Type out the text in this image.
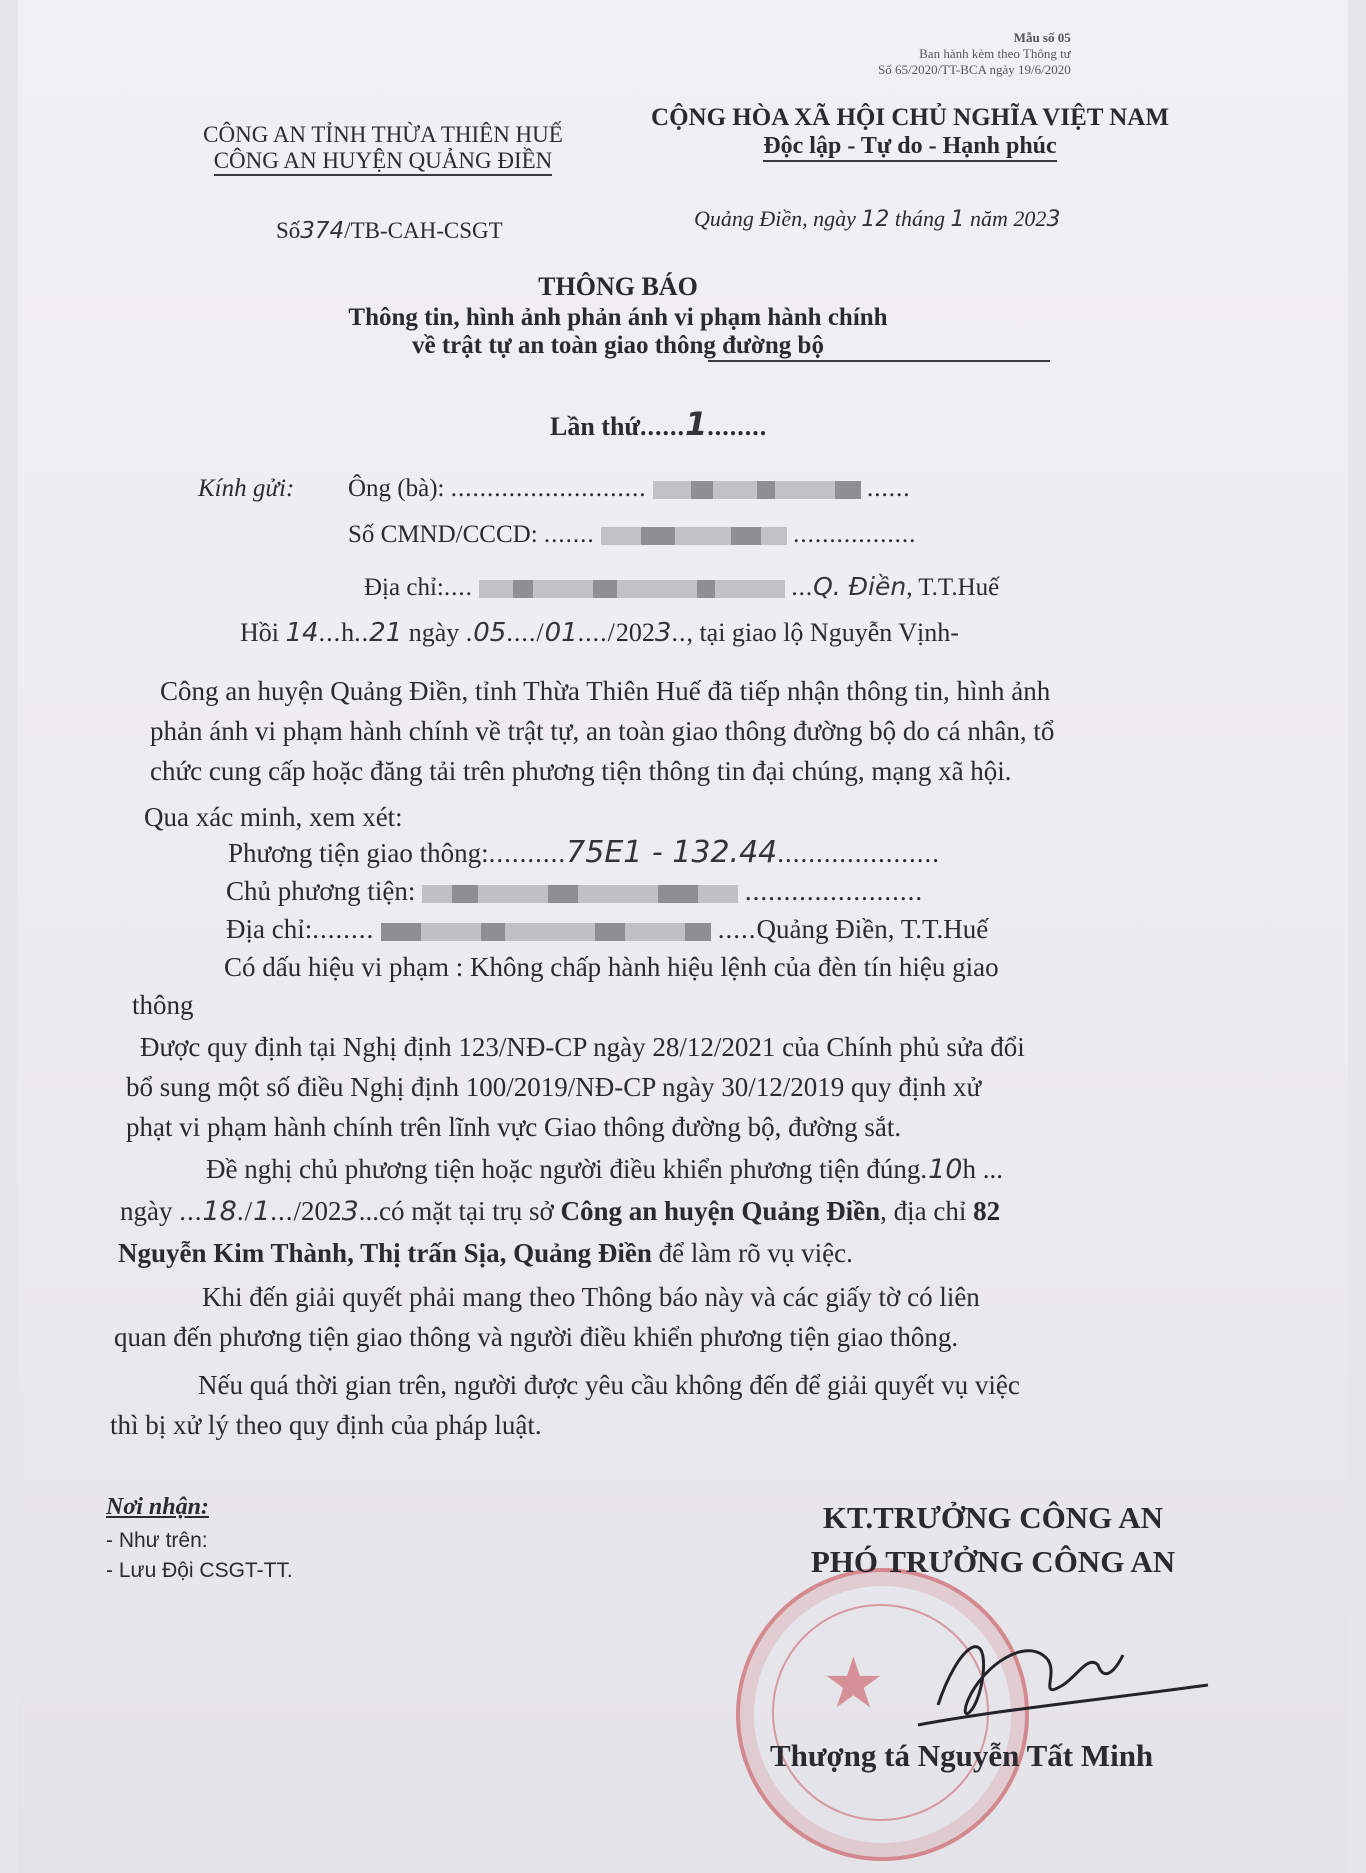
Mẫu số 05
Ban hành kèm theo Thông tư
Số 65/2020/TT-BCA ngày 19/6/2020
CÔNG AN TỈNH THỪA THIÊN HUẾ
CÔNG AN HUYỆN QUẢNG ĐIỀN
Số374/TB-CAH-CSGT
CỘNG HÒA XÃ HỘI CHỦ NGHĨA VIỆT NAM
Độc lập - Tự do - Hạnh phúc
Quảng Điền, ngày 12 tháng 1 năm 2023
THÔNG BÁO
Thông tin, hình ảnh phản ánh vi phạm hành chính
về trật tự an toàn giao thông đường bộ
Lần thứ......1........
Kính gửi: Ông (bà): ...........................	......
Số CMND/CCCD: .......	.................
Địa chỉ:....	...Q. Điền, T.T.Huế
Hồi 14...h..21 ngày .05..../01..../2023.., tại giao lộ Nguyễn Vịnh-
Công an huyện Quảng Điền, tỉnh Thừa Thiên Huế đã tiếp nhận thông tin, hình ảnh
phản ánh vi phạm hành chính về trật tự, an toàn giao thông đường bộ do cá nhân, tổ
chức cung cấp hoặc đăng tải trên phương tiện thông tin đại chúng, mạng xã hội.
Qua xác minh, xem xét:
Phương tiện giao thông:..........75E1 - 132.44.....................
Chủ phương tiện:	.......................
Địa chỉ:........	.....Quảng Điền, T.T.Huế
Có dấu hiệu vi phạm : Không chấp hành hiệu lệnh của đèn tín hiệu giao
thông
Được quy định tại Nghị định 123/NĐ-CP ngày 28/12/2021 của Chính phủ sửa đổi
bổ sung một số điều Nghị định 100/2019/NĐ-CP ngày 30/12/2019 quy định xử
phạt vi phạm hành chính trên lĩnh vực Giao thông đường bộ, đường sắt.
Đề nghị chủ phương tiện hoặc người điều khiển phương tiện đúng.10h ...
ngày ...18./1.../2023...có mặt tại trụ sở Công an huyện Quảng Điền, địa chỉ 82
Nguyễn Kim Thành, Thị trấn Sịa, Quảng Điền để làm rõ vụ việc.
Khi đến giải quyết phải mang theo Thông báo này và các giấy tờ có liên
quan đến phương tiện giao thông và người điều khiển phương tiện giao thông.
Nếu quá thời gian trên, người được yêu cầu không đến để giải quyết vụ việc
thì bị xử lý theo quy định của pháp luật.
Nơi nhận:
- Như trên:
- Lưu Đội CSGT-TT.
★
KT.TRƯỞNG CÔNG AN
PHÓ TRƯỞNG CÔNG AN
Thượng tá Nguyễn Tất Minh
